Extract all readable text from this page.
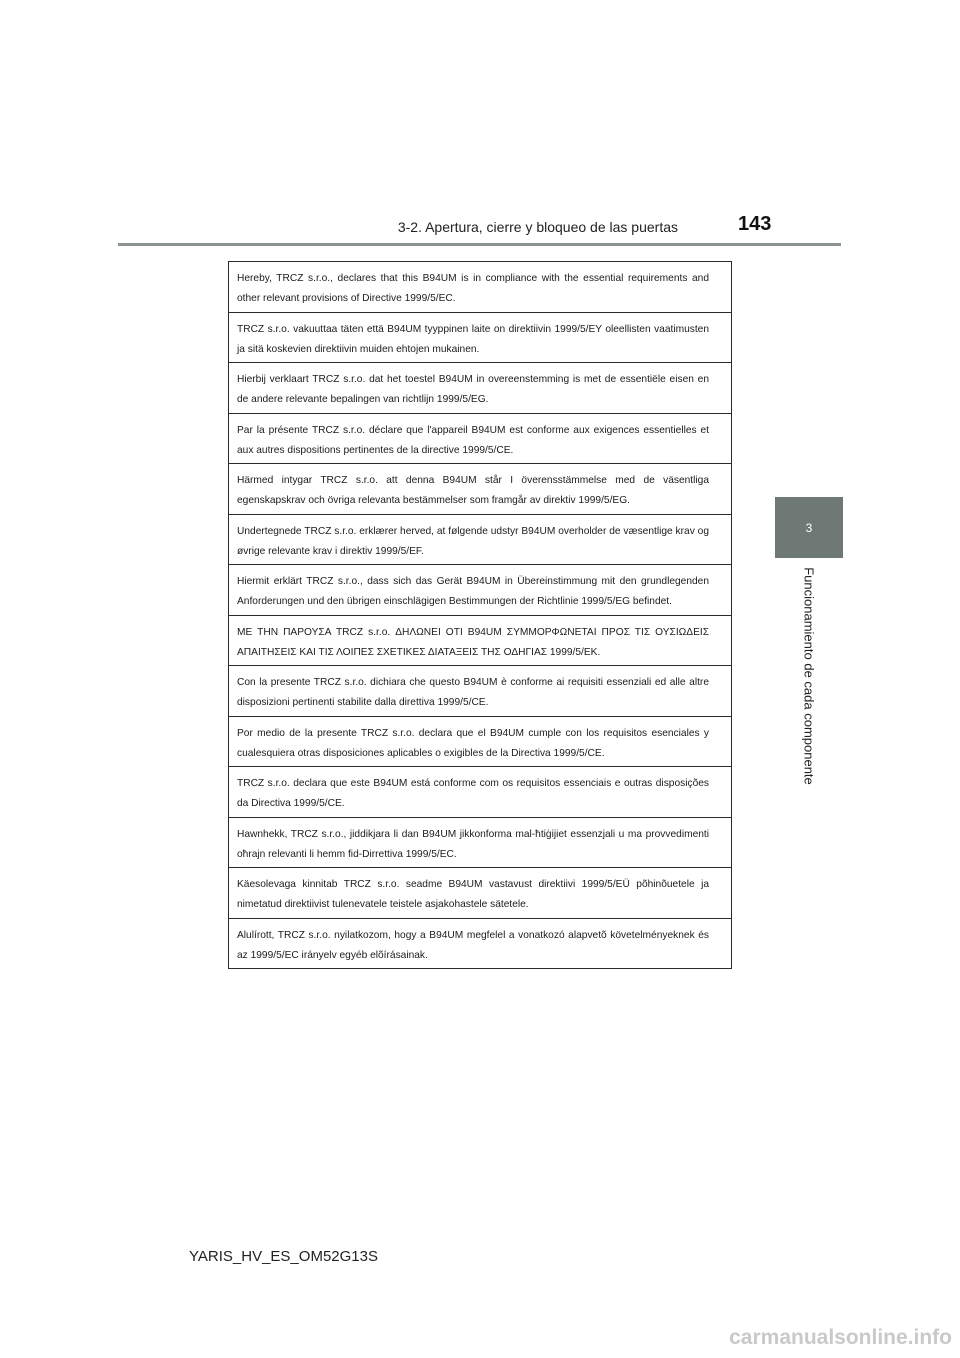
143
3-2. Apertura, cierre y bloqueo de las puertas
3
Funcionamiento de cada componente
Hereby, TRCZ s.r.o., declares that this B94UM is in compliance with the essential requirements and other relevant provisions of Directive 1999/5/EC.
TRCZ s.r.o. vakuuttaa täten että B94UM tyyppinen laite on direktiivin 1999/5/EY oleellisten vaatimusten ja sitä koskevien direktiivin muiden ehtojen mukainen.
Hierbij verklaart TRCZ s.r.o. dat het toestel B94UM in overeenstemming is met de essentiële eisen en de andere relevante bepalingen van richtlijn 1999/5/EG.
Par la présente TRCZ s.r.o. déclare que l'appareil B94UM est conforme aux exigences essentielles et aux autres dispositions pertinentes de la directive 1999/5/CE.
Härmed intygar TRCZ s.r.o. att denna B94UM står I överensstämmelse med de väsentliga egenskapskrav och övriga relevanta bestämmelser som framgår av direktiv 1999/5/EG.
Undertegnede TRCZ s.r.o. erklærer herved, at følgende udstyr B94UM overholder de væsentlige krav og øvrige relevante krav i direktiv 1999/5/EF.
Hiermit erklärt TRCZ s.r.o., dass sich das Gerät B94UM in Übereinstimmung mit den grundlegenden Anforderungen und den übrigen einschlägigen Bestimmungen der Richtlinie 1999/5/EG befindet.
ΜΕ ΤΗΝ ΠΑΡΟΥΣΑ TRCZ s.r.o. ΔΗΛΩΝΕΙ ΟΤΙ B94UM ΣΥΜΜΟΡΦΩΝΕΤΑΙ ΠΡΟΣ ΤΙΣ ΟΥΣΙΩΔΕΙΣ ΑΠΑΙΤΗΣΕΙΣ ΚΑΙ ΤΙΣ ΛΟΙΠΕΣ ΣΧΕΤΙΚΕΣ ΔΙΑΤΑΞΕΙΣ ΤΗΣ ΟΔΗΓΙΑΣ 1999/5/ΕΚ.
Con la presente TRCZ s.r.o. dichiara che questo B94UM è conforme ai requisiti essenziali ed alle altre disposizioni pertinenti stabilite dalla direttiva 1999/5/CE.
Por medio de la presente TRCZ s.r.o. declara que el B94UM cumple con los requisitos esenciales y cualesquiera otras disposiciones aplicables o exigibles de la Directiva 1999/5/CE.
TRCZ s.r.o. declara que este B94UM está conforme com os requisitos essenciais e outras disposições da Directiva 1999/5/CE.
Hawnhekk, TRCZ s.r.o., jiddikjara li dan B94UM jikkonforma mal-ħtiġijiet essenzjali u ma provvedimenti oħrajn relevanti li hemm fid-Dirrettiva 1999/5/EC.
Käesolevaga kinnitab TRCZ s.r.o. seadme B94UM vastavust direktiivi 1999/5/EÜ põhinõuetele ja nimetatud direktiivist tulenevatele teistele asjakohastele sätetele.
Alulírott, TRCZ s.r.o. nyilatkozom, hogy a B94UM megfelel a vonatkozó alapvetõ követelményeknek és az 1999/5/EC irányelv egyéb elõírásainak.
YARIS_HV_ES_OM52G13S
carmanualsonline.info
